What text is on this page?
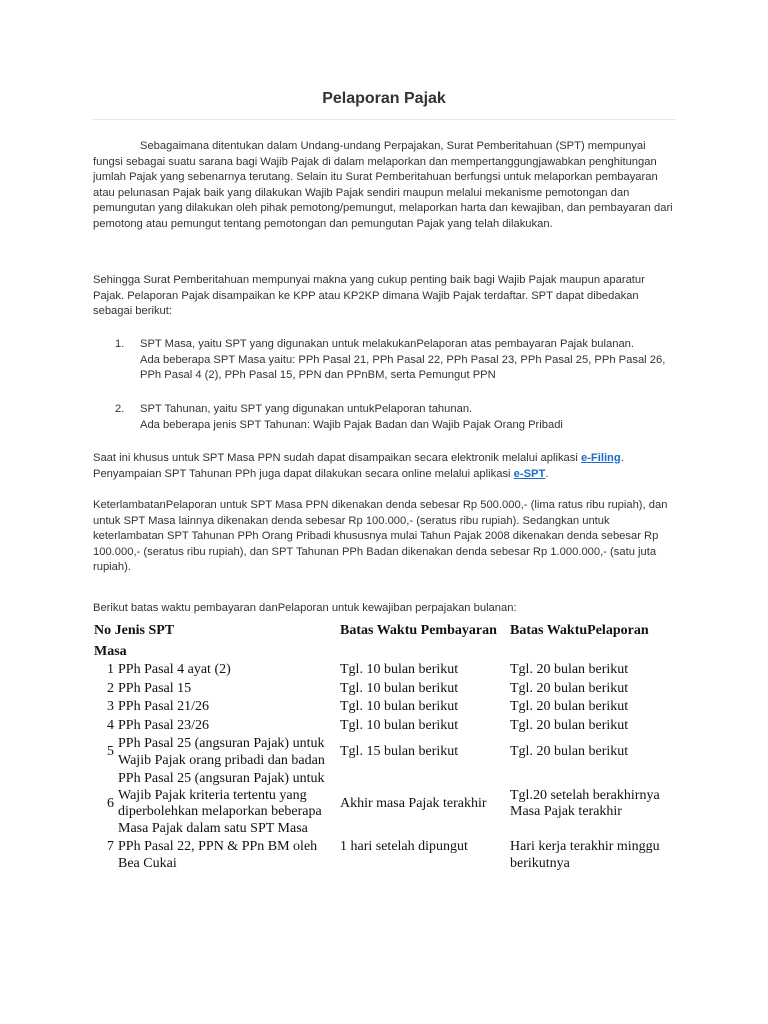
Pelaporan Pajak

Sebagaimana ditentukan dalam Undang-undang Perpajakan, Surat Pemberitahuan (SPT) mempunyai fungsi sebagai suatu sarana bagi Wajib Pajak di dalam melaporkan dan mempertanggungjawabkan penghitungan jumlah Pajak yang sebenarnya terutang. Selain itu Surat Pemberitahuan berfungsi untuk melaporkan pembayaran atau pelunasan Pajak baik yang dilakukan Wajib Pajak sendiri maupun melalui mekanisme pemotongan dan pemungutan yang dilakukan oleh pihak pemotong/pemungut, melaporkan harta dan kewajiban, dan pembayaran dari pemotong atau pemungut tentang pemotongan dan pemungutan Pajak yang telah dilakukan.

Sehingga Surat Pemberitahuan mempunyai makna yang cukup penting baik bagi Wajib Pajak maupun aparatur Pajak. Pelaporan Pajak disampaikan ke KPP atau KP2KP dimana Wajib Pajak terdaftar. SPT dapat dibedakan sebagai berikut:

1. SPT Masa, yaitu SPT yang digunakan untuk melakukanPelaporan atas pembayaran Pajak bulanan.
Ada beberapa SPT Masa yaitu: PPh Pasal 21, PPh Pasal 22, PPh Pasal 23, PPh Pasal 25, PPh Pasal 26, PPh Pasal 4 (2), PPh Pasal 15, PPN dan PPnBM, serta Pemungut PPN
2. SPT Tahunan, yaitu SPT yang digunakan untukPelaporan tahunan.
Ada beberapa jenis SPT Tahunan: Wajib Pajak Badan dan Wajib Pajak Orang Pribadi

Saat ini khusus untuk SPT Masa PPN sudah dapat disampaikan secara elektronik melalui aplikasi e-Filing. Penyampaian SPT Tahunan PPh juga dapat dilakukan secara online melalui aplikasi e-SPT.

KeterlambatanPelaporan untuk SPT Masa PPN dikenakan denda sebesar Rp 500.000,- (lima ratus ribu rupiah), dan untuk SPT Masa lainnya dikenakan denda sebesar Rp 100.000,- (seratus ribu rupiah). Sedangkan untuk keterlambatan SPT Tahunan PPh Orang Pribadi khususnya mulai Tahun Pajak 2008 dikenakan denda sebesar Rp 100.000,- (seratus ribu rupiah), dan SPT Tahunan PPh Badan dikenakan denda sebesar Rp 1.000.000,- (satu juta rupiah).

Berikut batas waktu pembayaran danPelaporan untuk kewajiban perpajakan bulanan:

No Jenis SPT		Batas Waktu Pembayaran	Batas WaktuPelaporan
Masa			
1	PPh Pasal 4 ayat (2)	Tgl. 10 bulan berikut	Tgl. 20 bulan berikut
2	PPh Pasal 15	Tgl. 10 bulan berikut	Tgl. 20 bulan berikut
3	PPh Pasal 21/26	Tgl. 10 bulan berikut	Tgl. 20 bulan berikut
4	PPh Pasal 23/26	Tgl. 10 bulan berikut	Tgl. 20 bulan berikut
5	PPh Pasal 25 (angsuran Pajak) untuk Wajib Pajak orang pribadi dan badan	Tgl. 15 bulan berikut	Tgl. 20 bulan berikut
6	PPh Pasal 25 (angsuran Pajak) untuk Wajib Pajak kriteria tertentu yang diperbolehkan melaporkan beberapa Masa Pajak dalam satu SPT Masa	Akhir masa Pajak terakhir	Tgl.20 setelah berakhirnya Masa Pajak terakhir
7	PPh Pasal 22, PPN & PPn BM oleh Bea Cukai	1 hari setelah dipungut	Hari kerja terakhir minggu berikutnya
